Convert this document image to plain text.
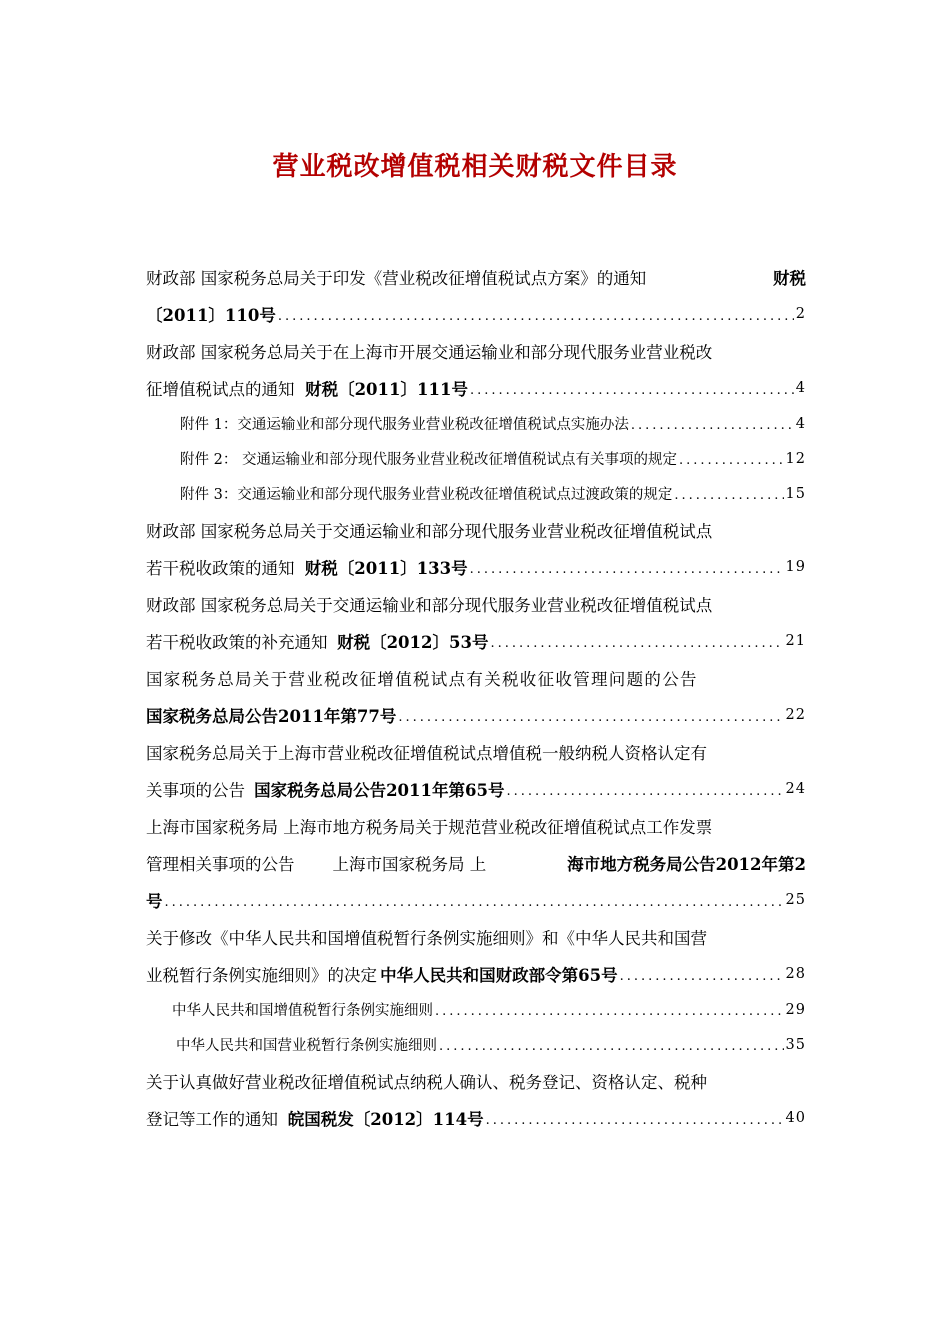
营业税改增值税相关财税文件目录
财政部 国家税务总局关于印发《营业税改征增值税试点方案》的通知	财税
〔2011〕110号 .....	2
财政部 国家税务总局关于在上海市开展交通运输业和部分现代服务业营业税改
征增值税试点的通知 财税〔2011〕111号 .....	4
附件 1：交通运输业和部分现代服务业营业税改征增值税试点实施办法 .....	4
附件 2： 交通运输业和部分现代服务业营业税改征增值税试点有关事项的规定 .....	12
附件 3：交通运输业和部分现代服务业营业税改征增值税试点过渡政策的规定 .....	15
财政部 国家税务总局关于交通运输业和部分现代服务业营业税改征增值税试点
若干税收政策的通知 财税〔2011〕133号 .....	19
财政部 国家税务总局关于交通运输业和部分现代服务业营业税改征增值税试点
若干税收政策的补充通知 财税〔2012〕53号 .....	21
国家税务总局关于营业税改征增值税试点有关税收征收管理问题的公告
国家税务总局公告2011年第77号 .....	22
国家税务总局关于上海市营业税改征增值税试点增值税一般纳税人资格认定有
关事项的公告 国家税务总局公告2011年第65号 .....	24
上海市国家税务局 上海市地方税务局关于规范营业税改征增值税试点工作发票
管理相关事项的公告 上海市国家税务局 上	海市地方税务局公告2012年第2
号 .....	25
关于修改《中华人民共和国增值税暂行条例实施细则》和《中华人民共和国营
业税暂行条例实施细则》的决定 中华人民共和国财政部令第65号 .....	28
中华人民共和国增值税暂行条例实施细则 .....	29
中华人民共和国营业税暂行条例实施细则 .....	35
关于认真做好营业税改征增值税试点纳税人确认、税务登记、资格认定、税种
登记等工作的通知 皖国税发〔2012〕114号 .....	40
